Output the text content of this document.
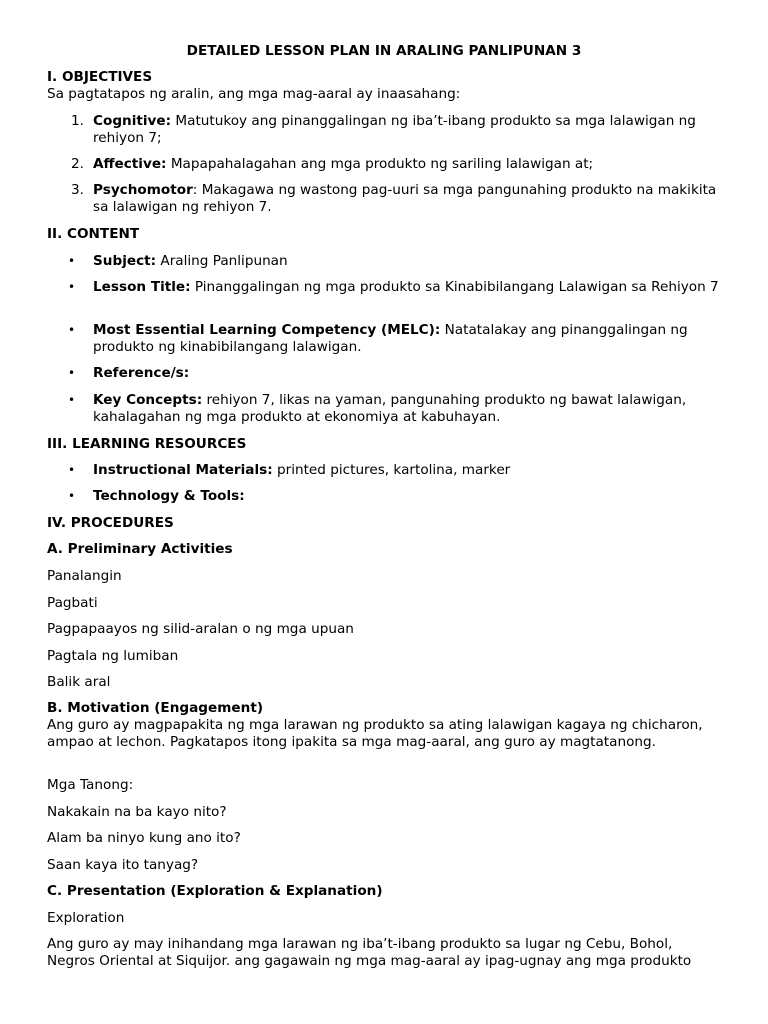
DETAILED LESSON PLAN IN ARALING PANLIPUNAN 3
I. OBJECTIVES
Sa pagtatapos ng aralin, ang mga mag-aaral ay inaasahang:
1. Cognitive: Matutukoy ang pinanggalingan ng iba’t-ibang produkto sa mga lalawigan ng rehiyon 7;
2. Affective: Mapapahalagahan ang mga produkto ng sariling lalawigan at;
3. Psychomotor: Makagawa ng wastong pag-uuri sa mga pangunahing produkto na makikita sa lalawigan ng rehiyon 7.
II. CONTENT
• Subject: Araling Panlipunan
• Lesson Title: Pinanggalingan ng mga produkto sa Kinabibilangang Lalawigan sa Rehiyon 7
• Most Essential Learning Competency (MELC): Natatalakay ang pinanggalingan ng produkto ng kinabibilangang lalawigan.
• Reference/s:
• Key Concepts: rehiyon 7, likas na yaman, pangunahing produkto ng bawat lalawigan, kahalagahan ng mga produkto at ekonomiya at kabuhayan.
III. LEARNING RESOURCES
• Instructional Materials: printed pictures, kartolina, marker
• Technology & Tools:
IV. PROCEDURES
A. Preliminary Activities
Panalangin
Pagbati
Pagpapaayos ng silid-aralan o ng mga upuan
Pagtala ng lumiban
Balik aral
B. Motivation (Engagement)
Ang guro ay magpapakita ng mga larawan ng produkto sa ating lalawigan kagaya ng chicharon, ampao at lechon. Pagkatapos itong ipakita sa mga mag-aaral, ang guro ay magtatanong.
Mga Tanong:
Nakakain na ba kayo nito?
Alam ba ninyo kung ano ito?
Saan kaya ito tanyag?
C. Presentation (Exploration & Explanation)
Exploration
Ang guro ay may inihandang mga larawan ng iba’t-ibang produkto sa lugar ng Cebu, Bohol, Negros Oriental at Siquijor. ang gagawain ng mga mag-aaral ay ipag-ugnay ang mga produkto
